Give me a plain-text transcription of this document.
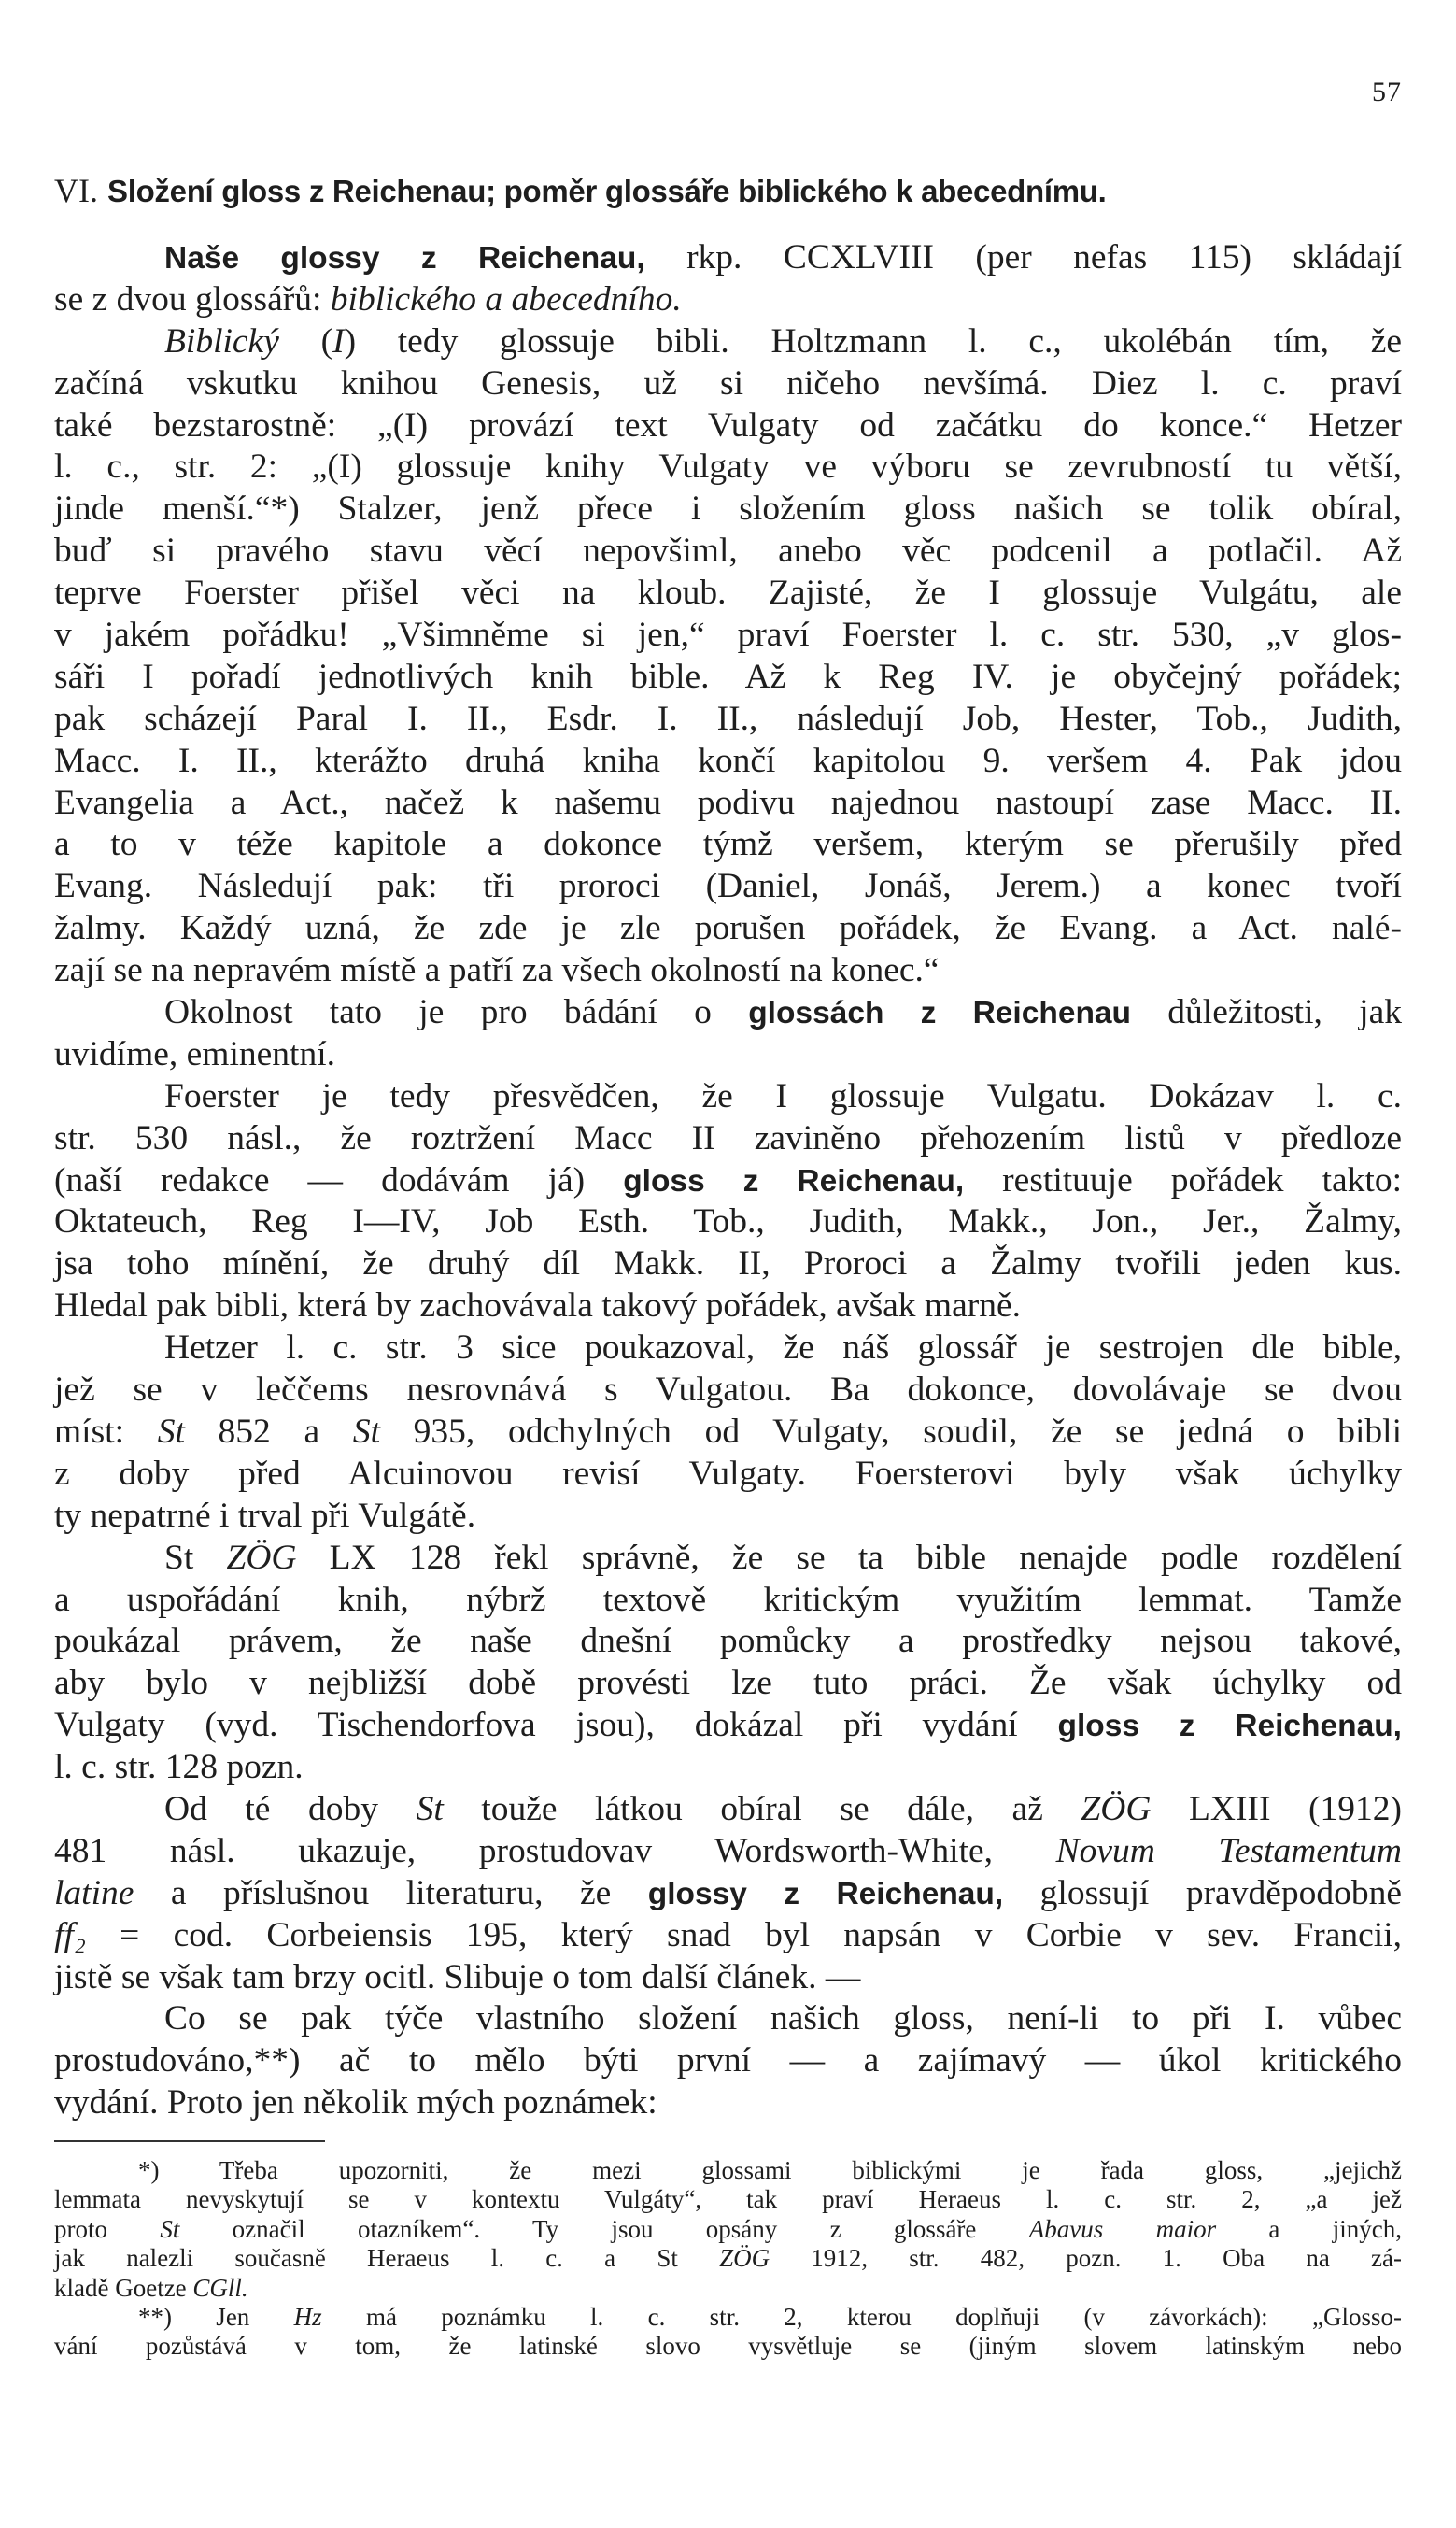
57
VI. Složení gloss z Reichenau; poměr glossáře biblického k abecednímu.
Naše glossy z Reichenau, rkp. CCXLVIII (per nefas 115) skládají
se z dvou glossářů: biblického a abecedního.
Biblický (I) tedy glossuje bibli. Holtzmann l. c., ukolébán tím, že
začíná vskutku knihou Genesis, už si ničeho nevšímá. Diez l. c. praví
také bezstarostně: „(I) provází text Vulgaty od začátku do konce.“ Hetzer
l. c., str. 2: „(I) glossuje knihy Vulgaty ve výboru se zevrubností tu větší,
jinde menší.“*) Stalzer, jenž přece i složením gloss našich se tolik obíral,
buď si pravého stavu věcí nepovšiml, anebo věc podcenil a potlačil. Až
teprve Foerster přišel věci na kloub. Zajisté, že I glossuje Vulgátu, ale
v jakém pořádku! „Všimněme si jen,“ praví Foerster l. c. str. 530, „v glos-
sáři I pořadí jednotlivých knih bible. Až k Reg IV. je obyčejný pořádek;
pak scházejí Paral I. II., Esdr. I. II., následují Job, Hester, Tob., Judith,
Macc. I. II., kterážto druhá kniha končí kapitolou 9. veršem 4. Pak jdou
Evangelia a Act., načež k našemu podivu najednou nastoupí zase Macc. II.
a to v téže kapitole a dokonce týmž veršem, kterým se přerušily před
Evang. Následují pak: tři proroci (Daniel, Jonáš, Jerem.) a konec tvoří
žalmy. Každý uzná, že zde je zle porušen pořádek, že Evang. a Act. nalé-
zají se na nepravém místě a patří za všech okolností na konec.“
Okolnost tato je pro bádání o glossách z Reichenau důležitosti, jak
uvidíme, eminentní.
Foerster je tedy přesvědčen, že I glossuje Vulgatu. Dokázav l. c.
str. 530 násl., že roztržení Macc II zaviněno přehozením listů v předloze
(naší redakce — dodávám já) gloss z Reichenau, restituuje pořádek takto:
Oktateuch, Reg I—IV, Job Esth. Tob., Judith, Makk., Jon., Jer., Žalmy,
jsa toho mínění, že druhý díl Makk. II, Proroci a Žalmy tvořili jeden kus.
Hledal pak bibli, která by zachovávala takový pořádek, avšak marně.
Hetzer l. c. str. 3 sice poukazoval, že náš glossář je sestrojen dle bible,
jež se v leččems nesrovnává s Vulgatou. Ba dokonce, dovolávaje se dvou
míst: St 852 a St 935, odchylných od Vulgaty, soudil, že se jedná o bibli
z doby před Alcuinovou revisí Vulgaty. Foersterovi byly však úchylky
ty nepatrné i trval při Vulgátě.
St ZÖG LX 128 řekl správně, že se ta bible nenajde podle rozdělení
a uspořádání knih, nýbrž textově kritickým využitím lemmat. Tamže
poukázal právem, že naše dnešní pomůcky a prostředky nejsou takové,
aby bylo v nejbližší době provésti lze tuto práci. Že však úchylky od
Vulgaty (vyd. Tischendorfova jsou), dokázal při vydání gloss z Reichenau,
l. c. str. 128 pozn.
Od té doby St touže látkou obíral se dále, až ZÖG LXIII (1912)
481 násl. ukazuje, prostudovav Wordsworth-White, Novum Testamentum
latine a příslušnou literaturu, že glossy z Reichenau, glossují pravděpodobně
ff₂ = cod. Corbeiensis 195, který snad byl napsán v Corbie v sev. Francii,
jistě se však tam brzy ocitl. Slibuje o tom další článek. —
Co se pak týče vlastního složení našich gloss, není-li to při I. vůbec
prostudováno,**) ač to mělo býti první — a zajímavý — úkol kritického
vydání. Proto jen několik mých poznámek:
*) Třeba upozorniti, že mezi glossami biblickými je řada gloss, „jejichž
lemmata nevyskytují se v kontextu Vulgáty“, tak praví Heraeus l. c. str. 2, „a jež
proto St označil otazníkem“. Ty jsou opsány z glossáře Abavus maior a jiných,
jak nalezli současně Heraeus l. c. a St ZÖG 1912, str. 482, pozn. 1. Oba na zá-
kladě Goetze CGll.
**) Jen Hz má poznámku l. c. str. 2, kterou doplňuji (v závorkách): „Glosso-
vání pozůstává v tom, že latinské slovo vysvětluje se (jiným slovem latinským nebo
